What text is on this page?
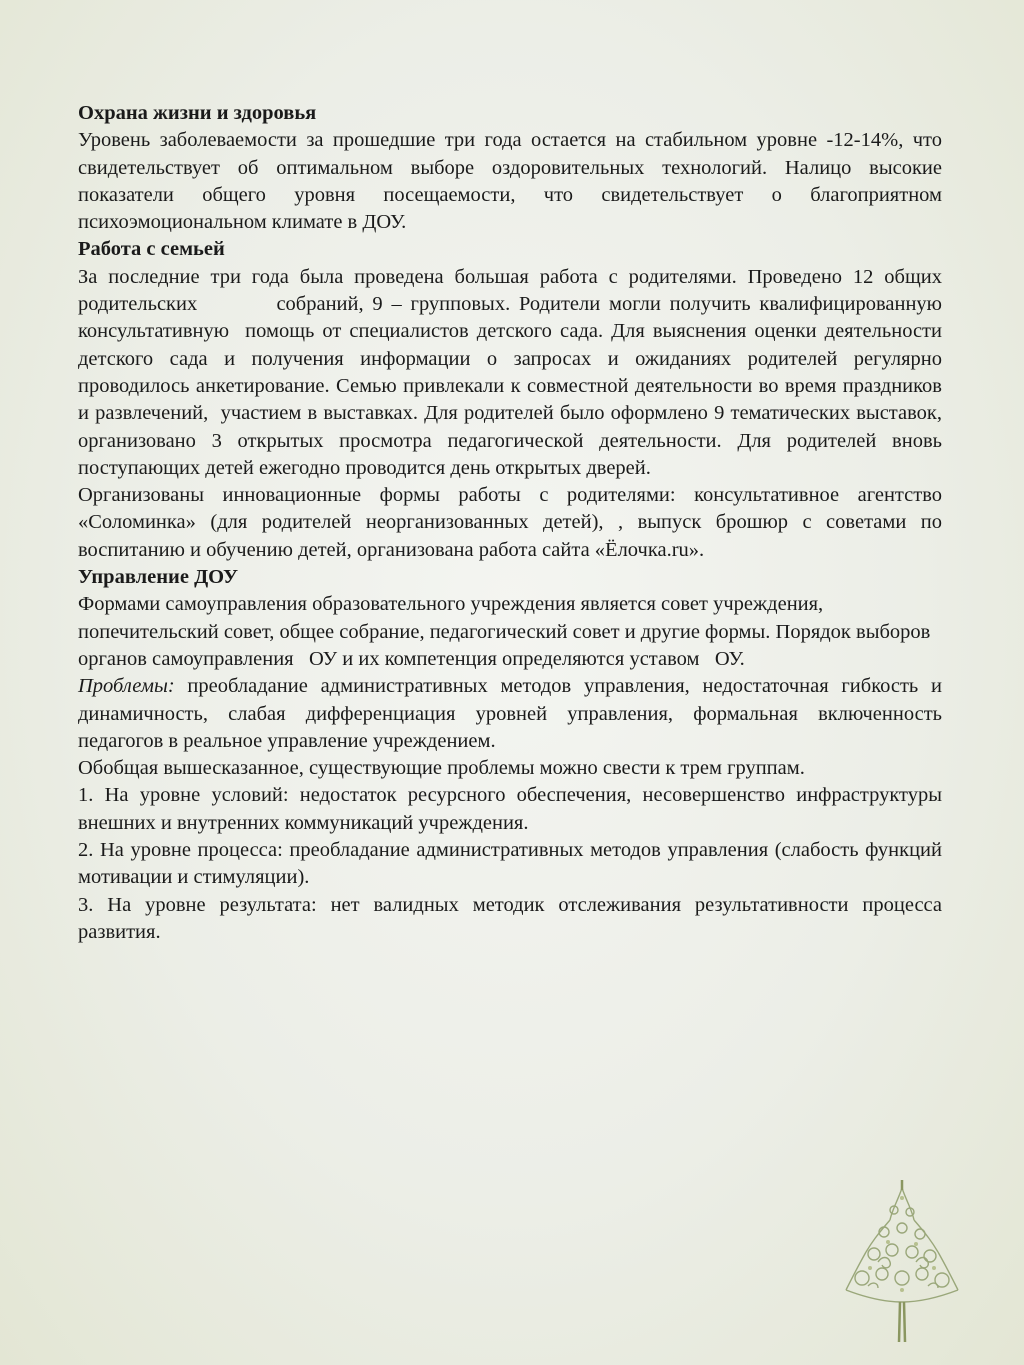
Охрана жизни и здоровья

Уровень заболеваемости за прошедшие три года остается на стабильном уровне -12-14%, что свидетельствует об оптимальном выборе оздоровительных технологий. Налицо высокие показатели общего уровня посещаемости, что свидетельствует о благоприятном психоэмоциональном климате в ДОУ.

Работа с семьей

За последние три года была проведена большая работа с родителями. Проведено 12 общих родительских         собраний, 9 – групповых. Родители могли получить квалифицированную консультативную  помощь от специалистов детского сада. Для выяснения оценки деятельности детского сада и получения информации о запросах и ожиданиях родителей регулярно проводилось анкетирование. Семью привлекали к совместной деятельности во время праздников и развлечений,  участием в выставках. Для родителей было оформлено 9 тематических выставок, организовано 3 открытых просмотра педагогической деятельности. Для родителей вновь поступающих детей ежегодно проводится день открытых дверей.

Организованы инновационные формы работы с родителями: консультативное агентство «Соломинка» (для родителей неорганизованных детей), , выпуск брошюр с советами по воспитанию и обучению детей, организована работа сайта «Ёлочка.ru».

Управление ДОУ

Формами самоуправления образовательного учреждения является совет учреждения, попечительский совет, общее собрание, педагогический совет и другие формы. Порядок выборов органов самоуправления   ОУ и их компетенция определяются уставом   ОУ.

Проблемы: преобладание административных методов управления, недостаточная гибкость и динамичность, слабая дифференциация уровней управления, формальная включенность педагогов в реальное управление учреждением.

Обобщая вышесказанное, существующие проблемы можно свести к трем группам.

1. На уровне условий: недостаток ресурсного обеспечения, несовершенство инфраструктуры внешних и внутренних коммуникаций учреждения.

2. На уровне процесса: преобладание административных методов управления (слабость функций мотивации и стимуляции).

3. На уровне результата: нет валидных методик отслеживания результативности процесса развития.
